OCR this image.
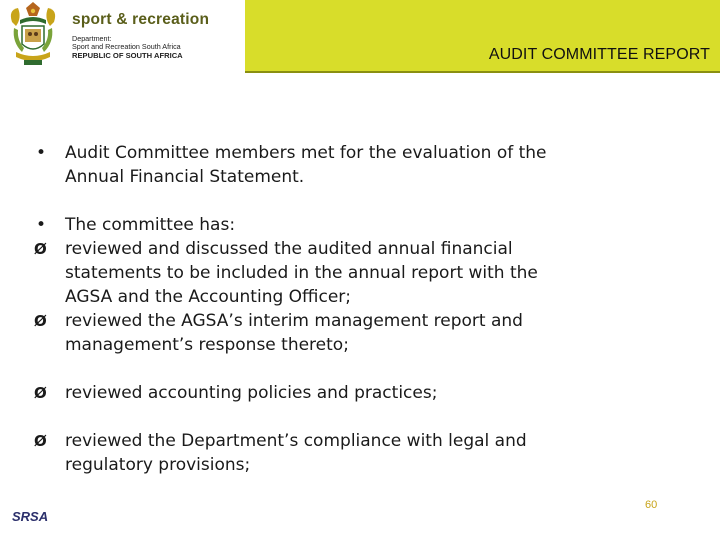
sport & recreation
Department:
Sport and Recreation South Africa
REPUBLIC OF SOUTH AFRICA	AUDIT COMMITTEE REPORT
• Audit Committee members met for the evaluation of the
Annual Financial Statement.
• The committee has:
Ø reviewed and discussed the audited annual financial
statements to be included in the annual report with the
AGSA and the Accounting Officer;
Ø reviewed the AGSA’s interim management report and
management’s response thereto;
Ø reviewed accounting policies and practices;
Ø reviewed the Department’s compliance with legal and
regulatory provisions;
SRSA
60
